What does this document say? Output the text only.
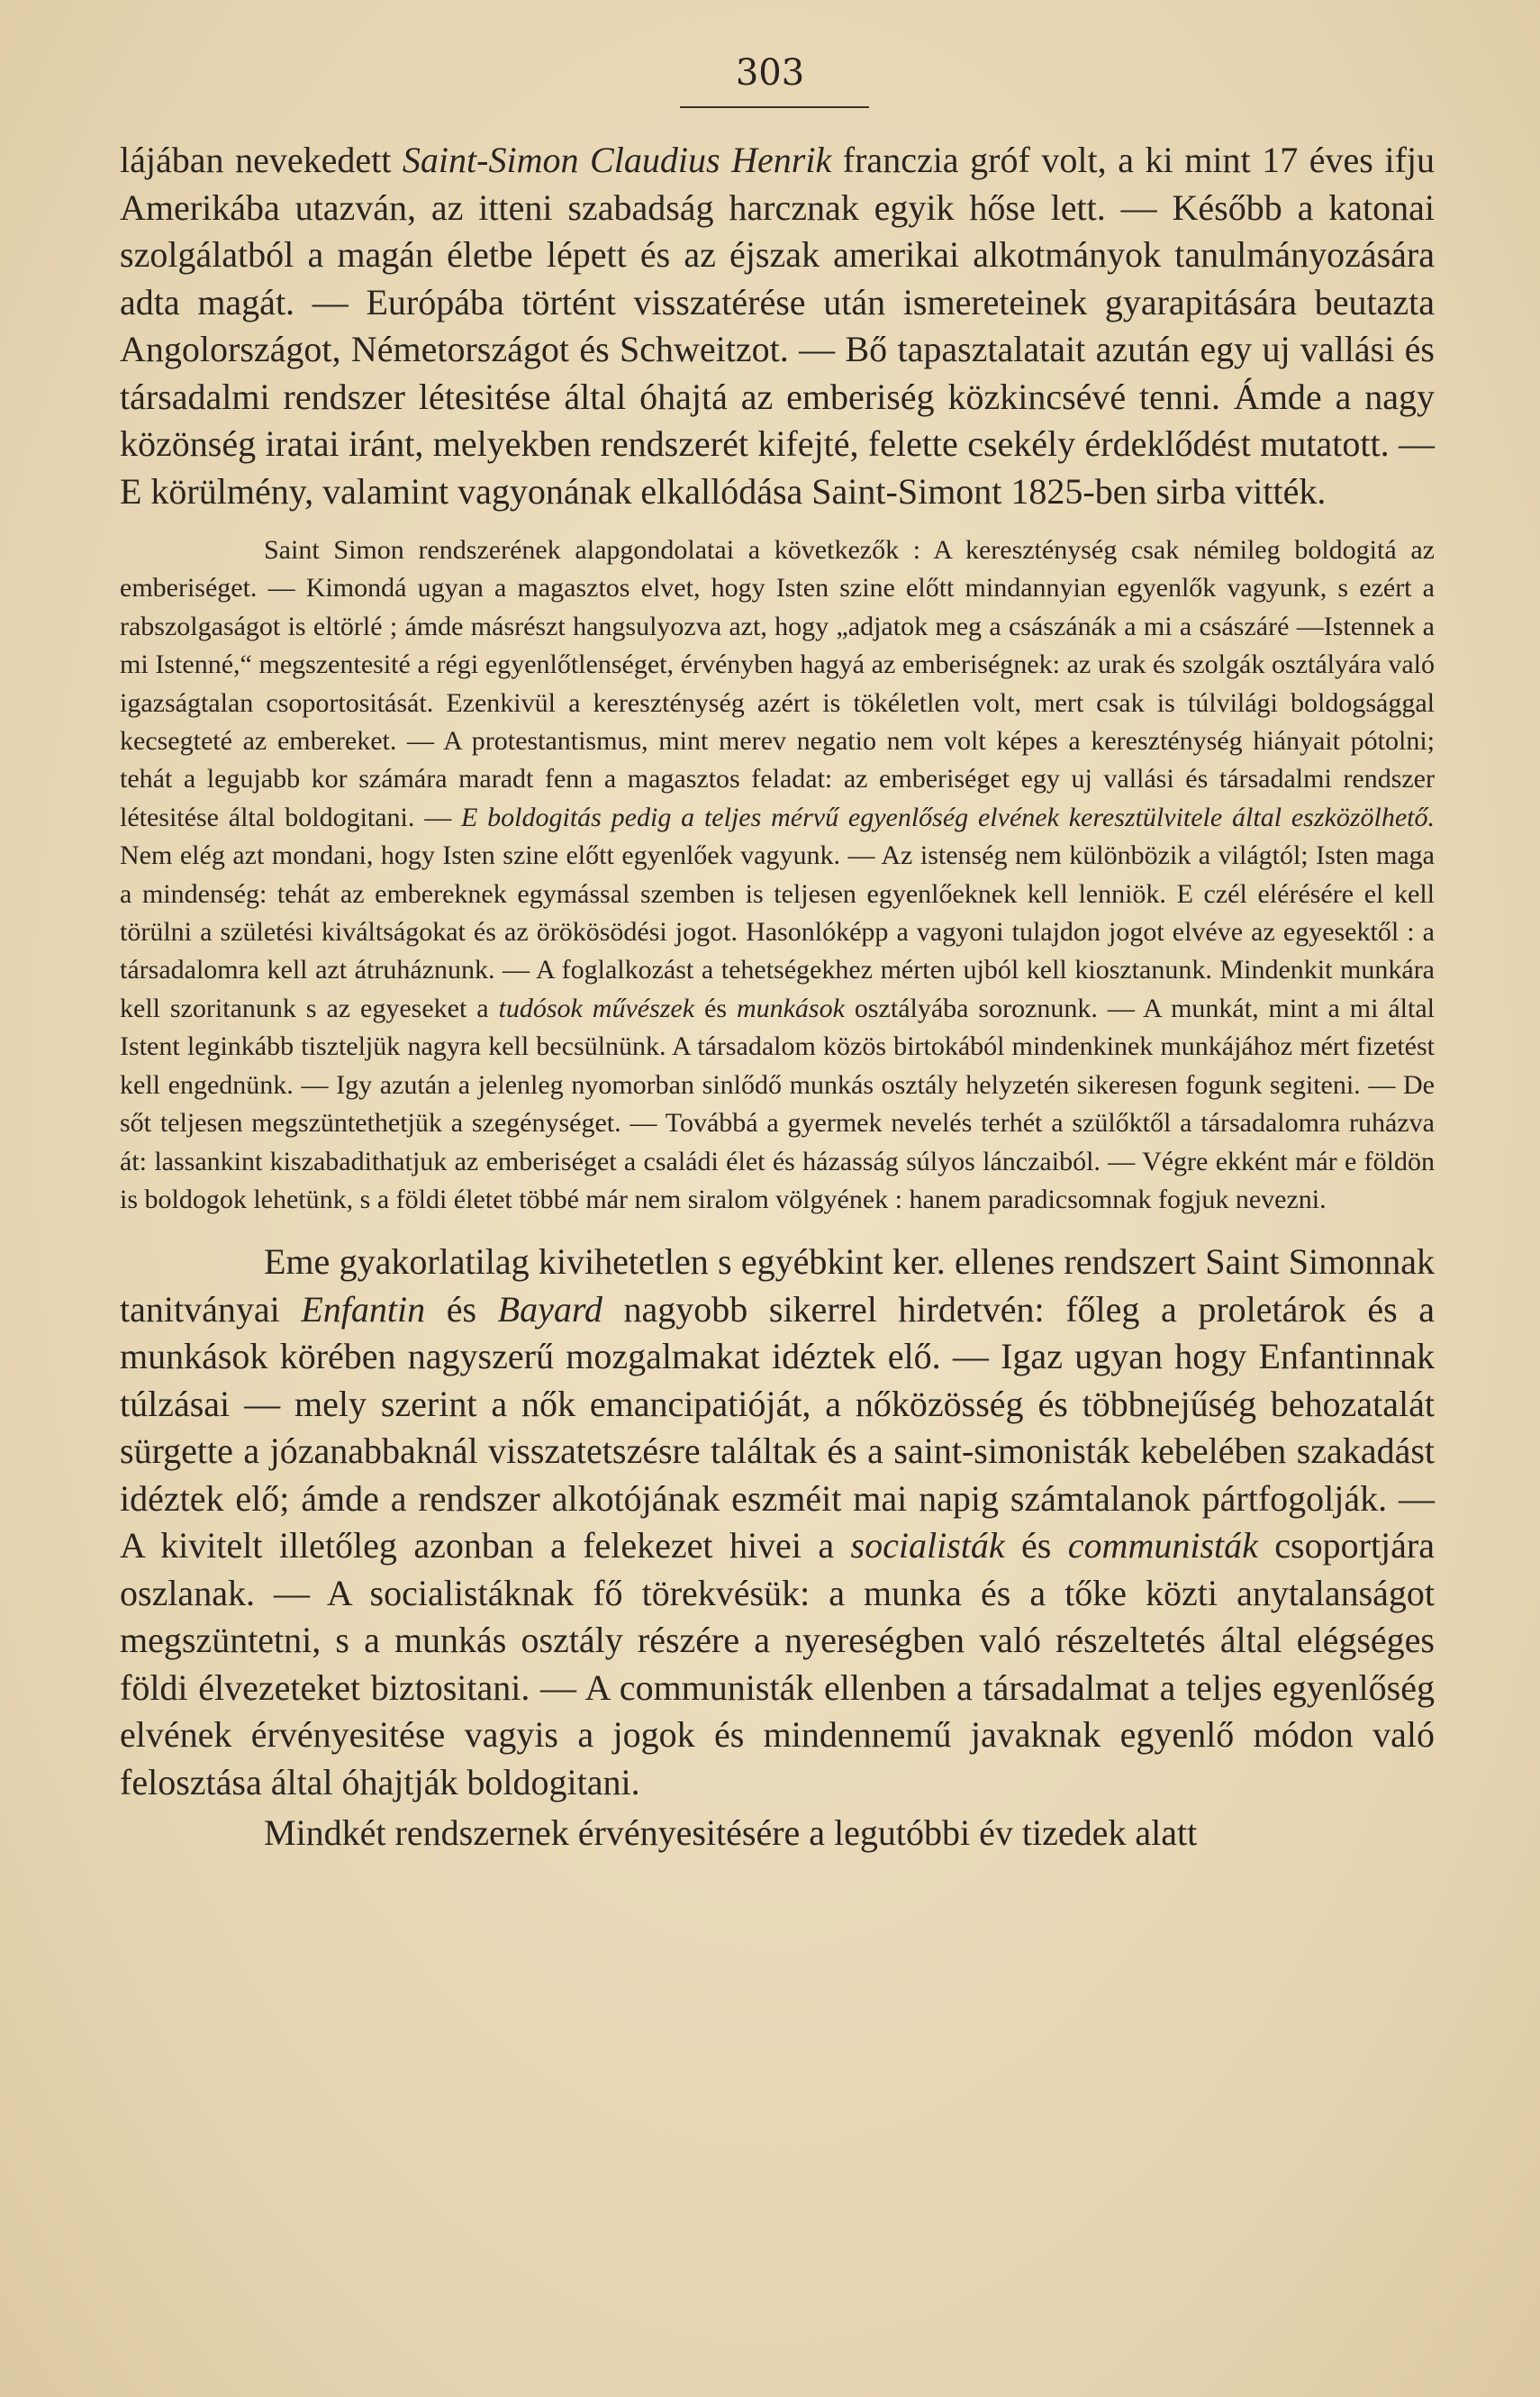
303

lájában nevekedett Saint-Simon Claudius Henrik franczia gróf volt, a ki mint 17 éves ifju Amerikába utazván, az itteni szabadság harcznak egyik hőse lett. — Később a katonai szolgálatból a magán életbe lépett és az éjszak amerikai alkotmányok tanulmányozására adta magát. — Európába történt visszatérése után ismereteinek gyarapitására beutazta Angolországot, Németországot és Schweitzot. — Bő tapasztalatait azután egy uj vallási és társadalmi rendszer létesitése által óhajtá az emberiség közkincsévé tenni. Ámde a nagy közönség iratai iránt, melyekben rendszerét kifejté, felette csekély érdeklődést mutatott. — E körülmény, valamint vagyonának elkallódása Saint-Simont 1825-ben sirba vitték.

Saint Simon rendszerének alapgondolatai a következők : A kereszténység csak némileg boldogitá az emberiséget. — Kimondá ugyan a magasztos elvet, hogy Isten szine előtt mindannyian egyenlők vagyunk, s ezért a rabszolgaságot is eltörlé ; ámde másrészt hangsulyozva azt, hogy „adjatok meg a császánák a mi a császáré —Istennek a mi Istenné,“ megszentesité a régi egyenlőtlenséget, érvényben hagyá az emberiségnek: az urak és szolgák osztályára való igazságtalan csoportositását. Ezenkivül a kereszténység azért is tökéletlen volt, mert csak is túlvilági boldogsággal kecsegteté az embereket. — A protestantismus, mint merev negatio nem volt képes a kereszténység hiányait pótolni; tehát a legujabb kor számára maradt fenn a magasztos feladat: az emberiséget egy uj vallási és társadalmi rendszer létesitése által boldogitani. — E boldogitás pedig a teljes mérvű egyenlőség elvének keresztülvitele által eszközölhető. Nem elég azt mondani, hogy Isten szine előtt egyenlőek vagyunk. — Az istenség nem különbözik a világtól; Isten maga a mindenség: tehát az embereknek egymással szemben is teljesen egyenlőeknek kell lenniök. E czél elérésére el kell törülni a születési kiváltságokat és az örökösödési jogot. Hasonlóképp a vagyoni tulajdon jogot elvéve az egyesektől : a társadalomra kell azt átruháznunk. — A foglalkozást a tehetségekhez mérten ujból kell kiosztanunk. Mindenkit munkára kell szoritanunk s az egyeseket a tudósok művészek és munkások osztályába soroznunk. — A munkát, mint a mi által Istent leginkább tiszteljük nagyra kell becsülnünk. A társadalom közös birtokából mindenkinek munkájához mért fizetést kell engednünk. — Igy azután a jelenleg nyomorban sinlődő munkás osztály helyzetén sikeresen fogunk segiteni. — De sőt teljesen megszüntethetjük a szegénységet. — Továbbá a gyermek nevelés terhét a szülőktől a társadalomra ruházva át: lassankint kiszabadithatjuk az emberiséget a családi élet és házasság súlyos lánczaiból. — Végre ekként már e földön is boldogok lehetünk, s a földi életet többé már nem siralom völgyének : hanem paradicsomnak fogjuk nevezni.

Eme gyakorlatilag kivihetetlen s egyébkint ker. ellenes rendszert Saint Simonnak tanitványai Enfantin és Bayard nagyobb sikerrel hirdetvén: főleg a proletárok és a munkások körében nagyszerű mozgalmakat idéztek elő. — Igaz ugyan hogy Enfantinnak túlzásai — mely szerint a nők emancipatióját, a nőközösség és többnejűség behozatalát sürgette a józanabbaknál visszatetszésre találtak és a saint-simonisták kebelében szakadást idéztek elő; ámde a rendszer alkotójának eszméit mai napig számtalanok pártfogolják. — A kivitelt illetőleg azonban a felekezet hivei a socialisták és communisták csoportjára oszlanak. — A socialistáknak fő törekvésük: a munka és a tőke közti anytalanságot megszüntetni, s a munkás osztály részére a nyereségben való részeltetés által elégséges földi élvezeteket biztositani. — A communisták ellenben a társadalmat a teljes egyenlőség elvének érvényesitése vagyis a jogok és mindennemű javaknak egyenlő módon való felosztása által óhajtják boldogitani.

Mindkét rendszernek érvényesitésére a legutóbbi év tizedek alatt
